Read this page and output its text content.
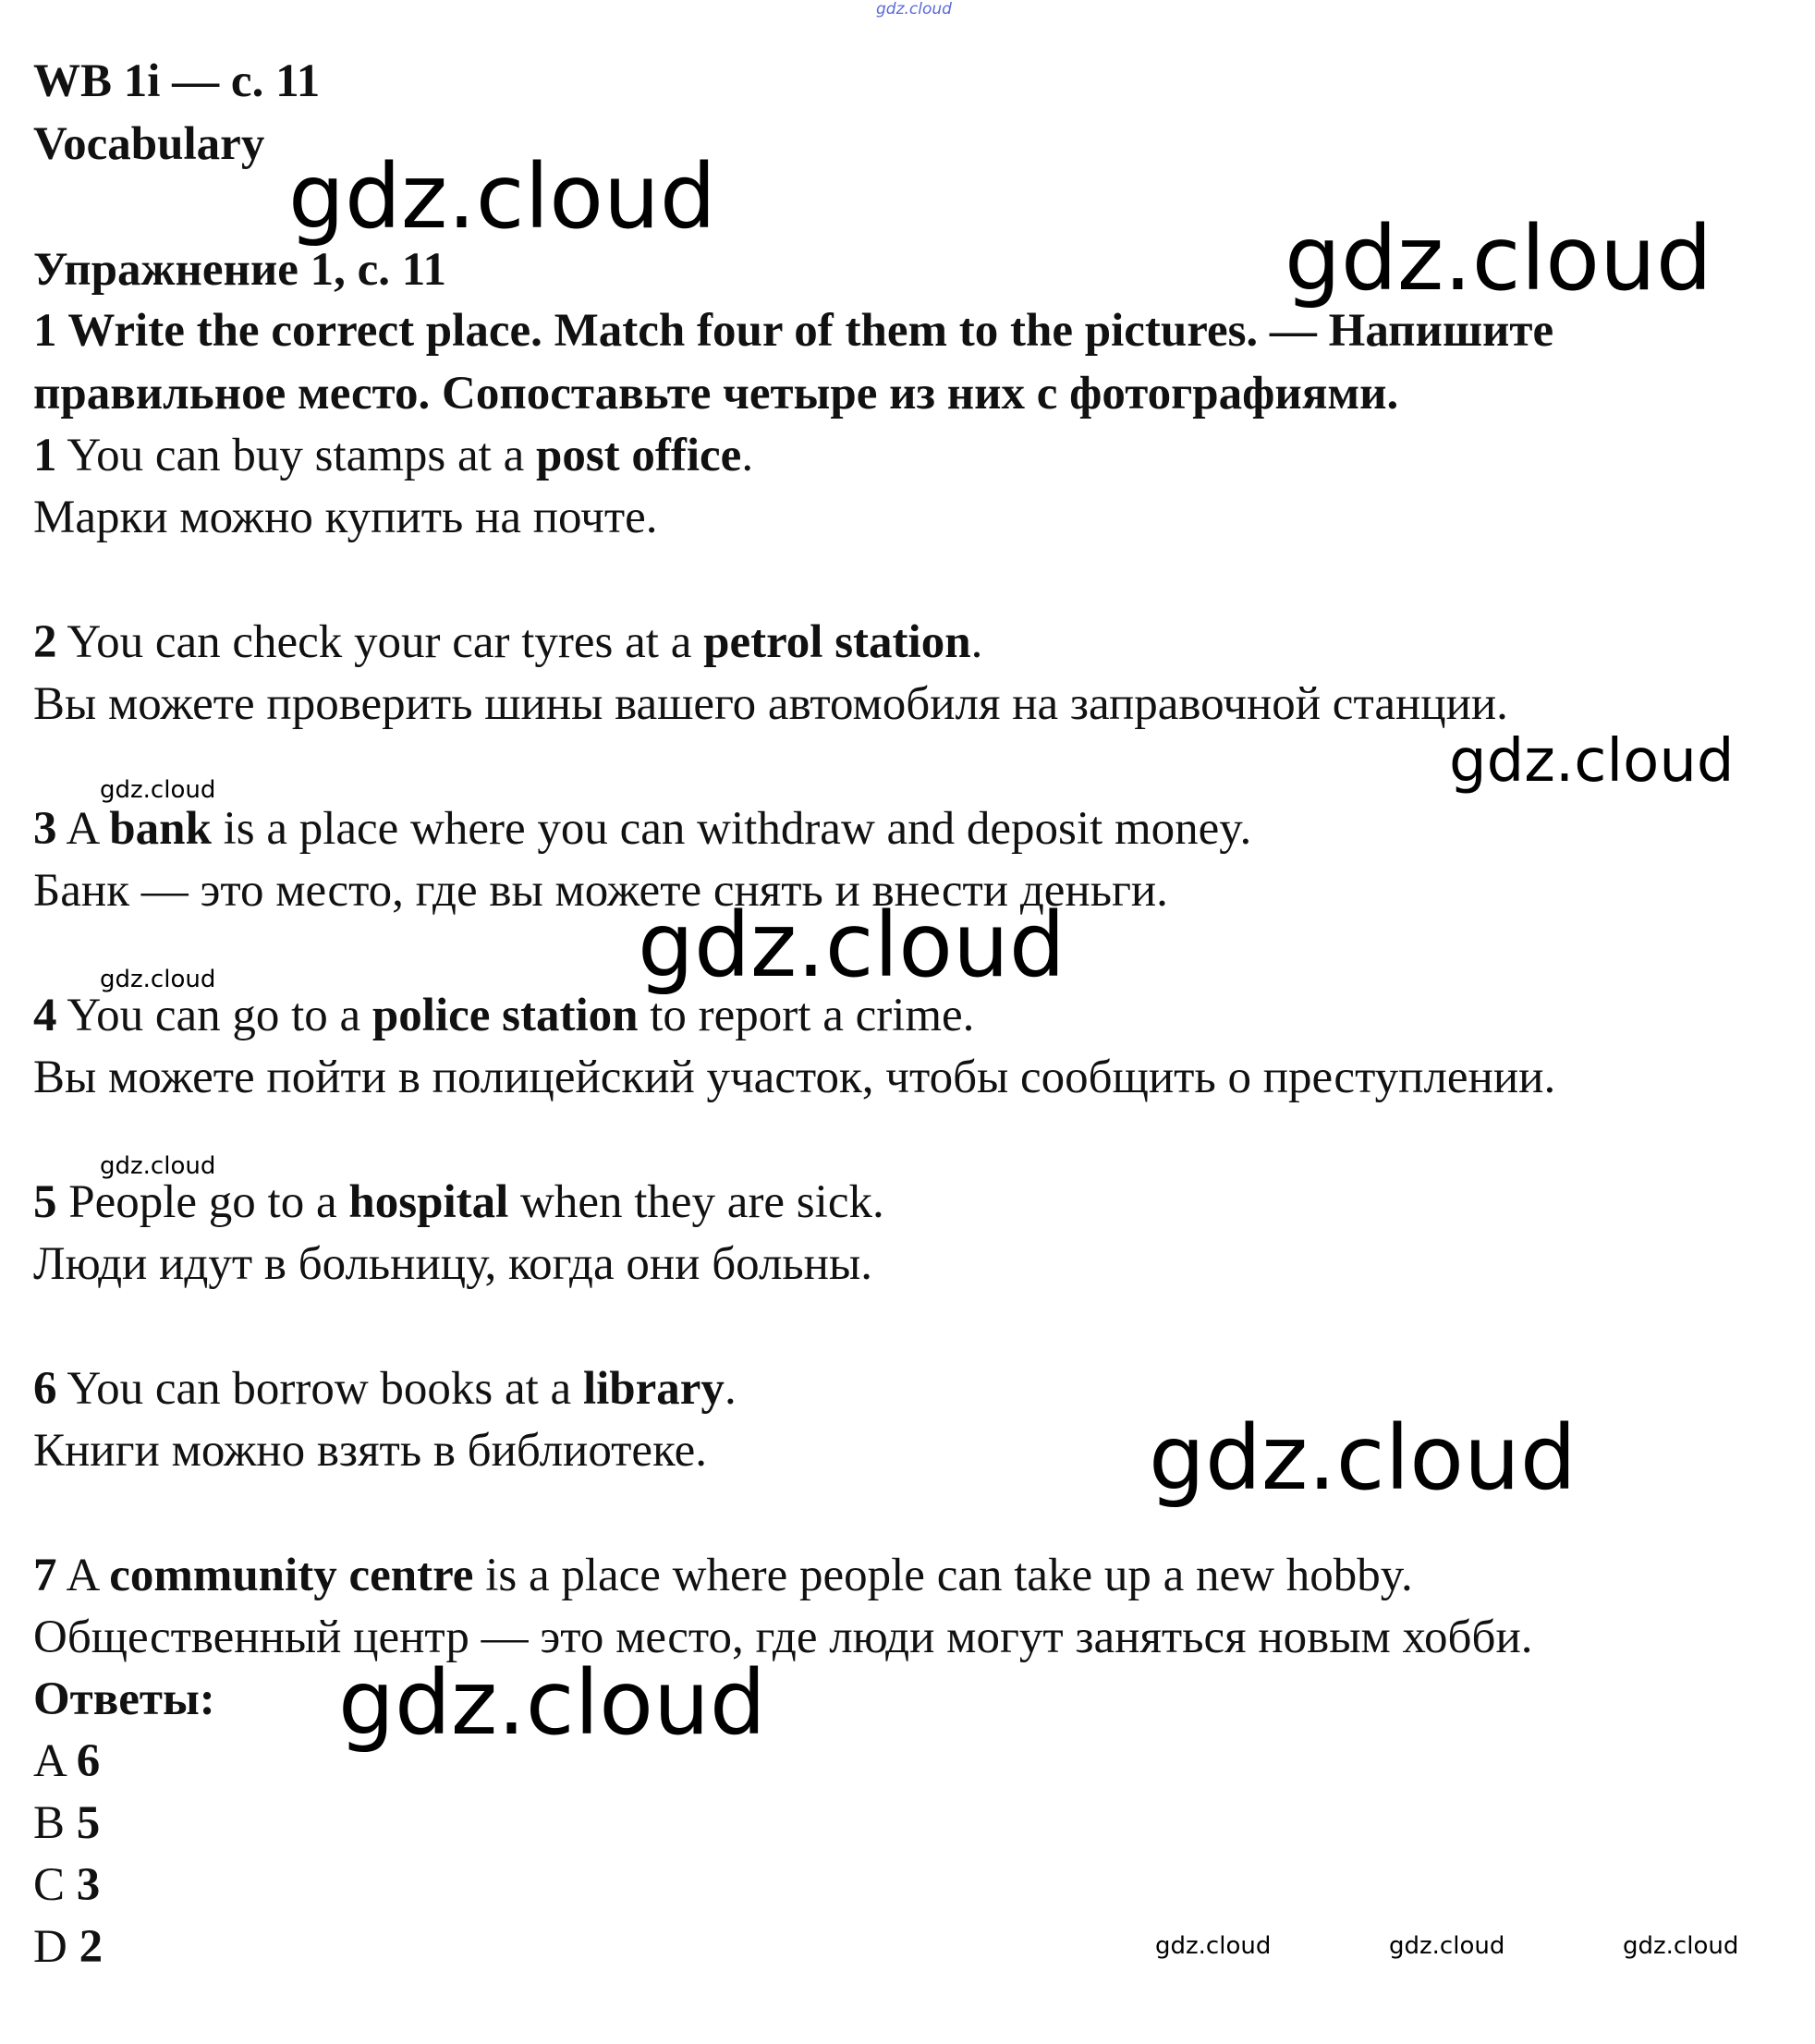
gdz.cloud
gdz.cloud
gdz.cloud
gdz.cloud
gdz.cloud
gdz.cloud
gdz.cloud
gdz.cloud
gdz.cloud
gdz.cloud
gdz.cloud	gdz.cloud	gdz.cloud
WB 1i — с. 11
Vocabulary
Упражнение 1, с. 11
1 Write the correct place. Match four of them to the pictures. — Напишите
правильное место. Сопоставьте четыре из них с фотографиями.
1 You can buy stamps at a post office.
Марки можно купить на почте.
2 You can check your car tyres at a petrol station.
Вы можете проверить шины вашего автомобиля на заправочной станции.
3 A bank is a place where you can withdraw and deposit money.
Банк — это место, где вы можете снять и внести деньги.
4 You can go to a police station to report a crime.
Вы можете пойти в полицейский участок, чтобы сообщить о преступлении.
5 People go to a hospital when they are sick.
Люди идут в больницу, когда они больны.
6 You can borrow books at a library.
Книги можно взять в библиотеке.
7 A community centre is a place where people can take up a new hobby.
Общественный центр — это место, где люди могут заняться новым хобби.
Ответы:
A 6
B 5
C 3
D 2
